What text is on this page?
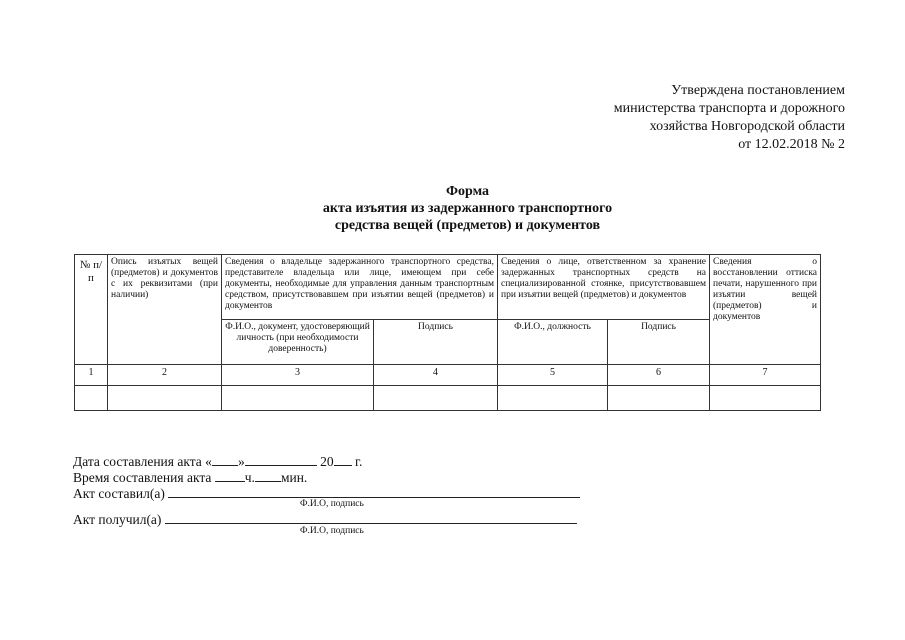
Утверждена постановлением
министерства транспорта и дорожного
хозяйства Новгородской области
от 12.02.2018 № 2
Форма
акта изъятия из задержанного транспортного
средства вещей (предметов) и документов
№ п/п	Опись изъятых вещей (предметов) и документов с их реквизитами (при наличии)	Сведения о владельце задержанного транспортного средства, представителе владельца или лице, имеющем при себе документы, необходимые для управления данным транспортным средством, присутствовавшем при изъятии вещей (предметов) и документов		Сведения о лице, ответственном за хранение задержанных транспортных средств на специализированной стоянке, присутствовавшем при изъятии вещей (предметов) и документов		Сведения о восстановлении оттиска печати, нарушенного при изъятии вещей (предметов) и документов
		Ф.И.О., документ, удостоверяющий личность (при необходимости доверенность)	Подпись	Ф.И.О., должность	Подпись	
1	2	3	4	5	6	7

Дата составления акта « »	20 г.
Время составления акта ч. мин.
Акт составил(а)
Ф.И.О, подпись
Акт получил(а)
Ф.И.О, подпись
